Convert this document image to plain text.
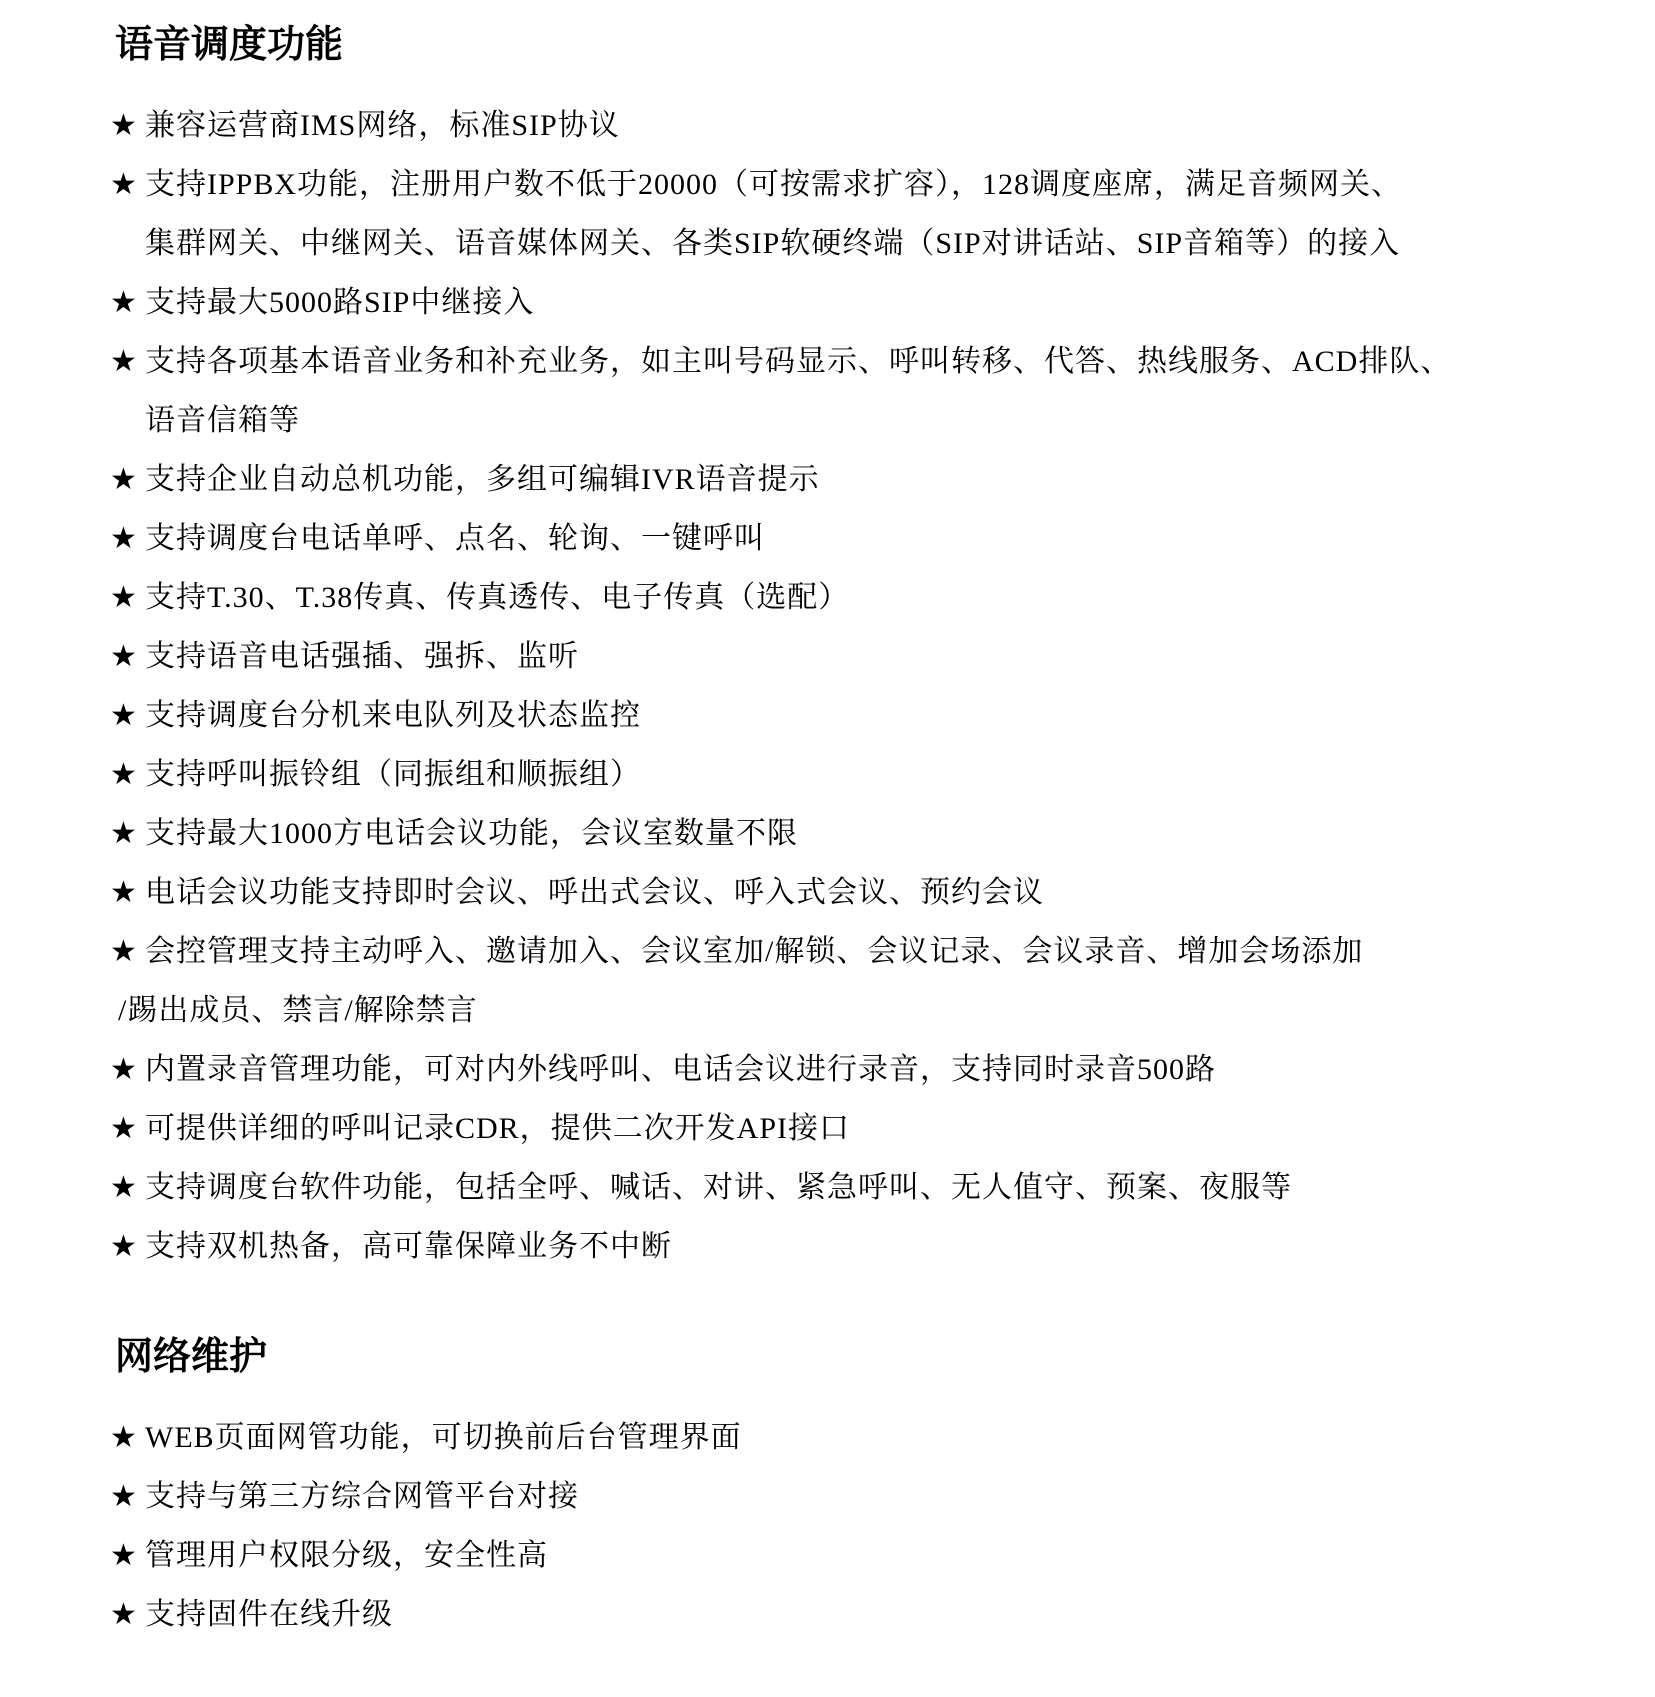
语音调度功能
★ 兼容运营商IMS网络，标准SIP协议
★ 支持IPPBX功能，注册用户数不低于20000（可按需求扩容），128调度座席，满足音频网关、
集群网关、中继网关、语音媒体网关、各类SIP软硬终端（SIP对讲话站、SIP音箱等）的接入
★ 支持最大5000路SIP中继接入
★ 支持各项基本语音业务和补充业务，如主叫号码显示、呼叫转移、代答、热线服务、ACD排队、
语音信箱等
★ 支持企业自动总机功能，多组可编辑IVR语音提示
★ 支持调度台电话单呼、点名、轮询、一键呼叫
★ 支持T.30、T.38传真、传真透传、电子传真（选配）
★ 支持语音电话强插、强拆、监听
★ 支持调度台分机来电队列及状态监控
★ 支持呼叫振铃组（同振组和顺振组）
★ 支持最大1000方电话会议功能，会议室数量不限
★ 电话会议功能支持即时会议、呼出式会议、呼入式会议、预约会议
★ 会控管理支持主动呼入、邀请加入、会议室加/解锁、会议记录、会议录音、增加会场添加
/踢出成员、禁言/解除禁言
★ 内置录音管理功能，可对内外线呼叫、电话会议进行录音，支持同时录音500路
★ 可提供详细的呼叫记录CDR，提供二次开发API接口
★ 支持调度台软件功能，包括全呼、喊话、对讲、紧急呼叫、无人值守、预案、夜服等
★ 支持双机热备，高可靠保障业务不中断
网络维护
★ WEB页面网管功能，可切换前后台管理界面
★ 支持与第三方综合网管平台对接
★ 管理用户权限分级，安全性高
★ 支持固件在线升级
